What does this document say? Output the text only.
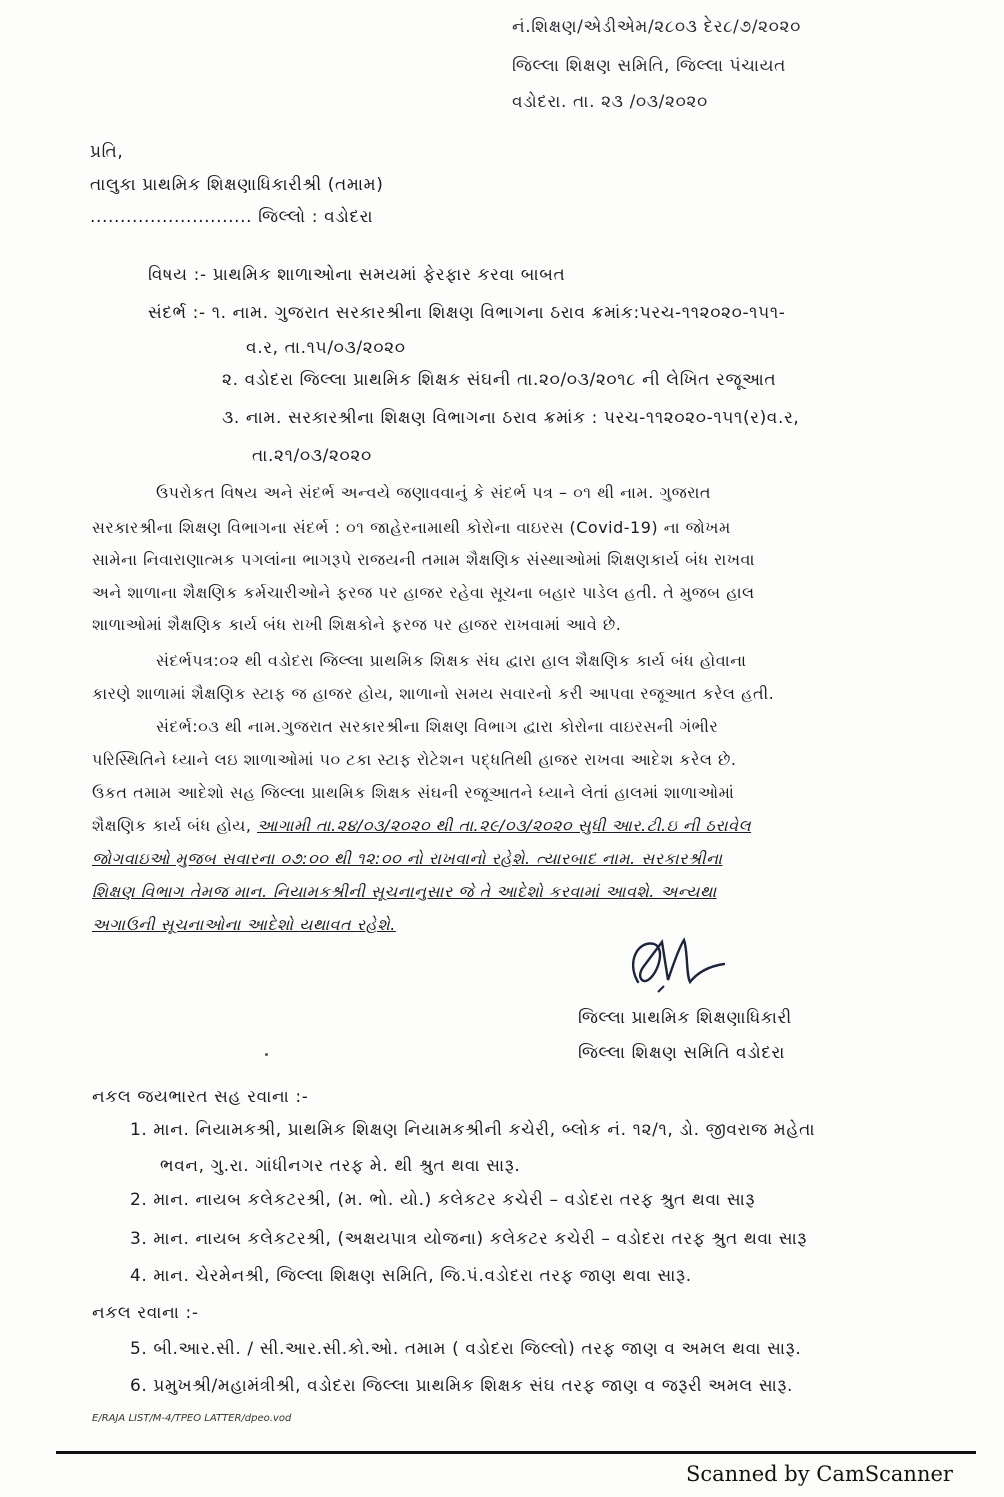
નં.શિક્ષણ/એડીએમ/૨૮૦૩ દેર૮/૭/૨૦૨૦
જિલ્લા શિક્ષણ સમિતિ, જિલ્લા પંચાયત
વડોદરા. તા. ૨૩ /૦૩/૨૦૨૦
પ્રતિ,
તાલુકા પ્રાથમિક શિક્ષણાધિકારીશ્રી (તમામ)
........................... જિલ્લો : વડોદરા
વિષય :- પ્રાથમિક શાળાઓના સમયમાં ફેરફાર કરવા બાબત
સંદર્ભ :- ૧. નામ. ગુજરાત સરકારશ્રીના શિક્ષણ વિભાગના ઠરાવ ક્રમાંક:પરચ-૧૧૨૦૨૦-૧૫૧-
વ.ર, તા.૧૫/૦૩/૨૦૨૦
૨. વડોદરા જિલ્લા પ્રાથમિક શિક્ષક સંઘની તા.૨૦/૦૩/૨૦૧૮ ની લેખિત રજૂઆત
૩. નામ. સરકારશ્રીના શિક્ષણ વિભાગના ઠરાવ ક્રમાંક : પરચ-૧૧૨૦૨૦-૧૫૧(ર)વ.ર,
તા.૨૧/૦૩/૨૦૨૦
ઉપરોકત વિષય અને સંદર્ભ અન્વયે જણાવવાનું કે સંદર્ભ પત્ર – ૦૧ થી નામ. ગુજરાત
સરકારશ્રીના શિક્ષણ વિભાગના સંદર્ભ : ૦૧ જાહેરનામાથી કોરોના વાઇરસ (Covid-19) ના જોખમ
સામેના નિવારાણાત્મક પગલાંના ભાગરૂપે રાજયની તમામ શૈક્ષણિક સંસ્થાઓમાં શિક્ષણકાર્ય બંધ રાખવા
અને શાળાના શૈક્ષણિક કર્મચારીઓને ફરજ પર હાજર રહેવા સૂચના બહાર પાડેલ હતી. તે મુજબ હાલ
શાળાઓમાં શૈક્ષણિક કાર્ય બંધ રાખી શિક્ષકોને ફરજ પર હાજર રાખવામાં આવે છે.
સંદર્ભપત્ર:૦૨ થી વડોદરા જિલ્લા પ્રાથમિક શિક્ષક સંઘ દ્વારા હાલ શૈક્ષણિક કાર્ય બંધ હોવાના
કારણે શાળામાં શૈક્ષણિક સ્ટાફ જ હાજર હોય, શાળાનો સમય સવારનો કરી આપવા રજૂઆત કરેલ હતી.
સંદર્ભ:૦૩ થી નામ.ગુજરાત સરકારશ્રીના શિક્ષણ વિભાગ દ્વારા કોરોના વાઇરસની ગંભીર
પરિસ્થિતિને ધ્યાને લઇ શાળાઓમાં ૫૦ ટકા સ્ટાફ રોટેશન પદ્ધતિથી હાજર રાખવા આદેશ કરેલ છે.
ઉકત તમામ આદેશો સહ જિલ્લા પ્રાથમિક શિક્ષક સંઘની રજૂઆતને ધ્યાને લેતાં હાલમાં શાળાઓમાં
શૈક્ષણિક કાર્ય બંધ હોય, આગામી તા.૨૪/૦૩/૨૦૨૦ થી તા.૨૯/૦૩/૨૦૨૦ સુધી આર.ટી.ઇ ની ઠરાવેલ
જોગવાઇઓ મુજબ સવારના ૦૭:૦૦ થી ૧૨:૦૦ નો રાખવાનો રહેશે. ત્યારબાદ નામ. સરકારશ્રીના
શિક્ષણ વિભાગ તેમજ માન. નિયામકશ્રીની સૂચનાનુસાર જે તે આદેશો કરવામાં આવશે. અન્યથા
અગાઉની સૂચનાઓના આદેશો યથાવત રહેશે.
જિલ્લા પ્રાથમિક શિક્ષણાધિકારી
જિલ્લા શિક્ષણ સમિતિ વડોદરા
નકલ જયભારત સહ રવાના :-
1. માન. નિયામકશ્રી, પ્રાથમિક શિક્ષણ નિયામકશ્રીની કચેરી, બ્લોક નં. ૧૨/૧, ડો. જીવરાજ મહેતા
ભવન, ગુ.રા. ગાંધીનગર તરફ મે. થી શ્રુત થવા સારૂ.
2. માન. નાયબ કલેકટરશ્રી, (મ. ભો. યો.) કલેકટર કચેરી – વડોદરા તરફ શ્રુત થવા સારૂ
3. માન. નાયબ કલેકટરશ્રી, (અક્ષયપાત્ર યોજના) કલેકટર કચેરી – વડોદરા તરફ શ્રુત થવા સારૂ
4. માન. ચેરમેનશ્રી, જિલ્લા શિક્ષણ સમિતિ, જિ.પં.વડોદરા તરફ જાણ થવા સારૂ.
નકલ રવાના :-
5. બી.આર.સી. / સી.આર.સી.કો.ઓ. તમામ ( વડોદરા જિલ્લો) તરફ જાણ વ અમલ થવા સારૂ.
6. પ્રમુખશ્રી/મહામંત્રીશ્રી, વડોદરા જિલ્લા પ્રાથમિક શિક્ષક સંઘ તરફ જાણ વ જરૂરી અમલ સારૂ.
E/RAJA LIST/M-4/TPEO LATTER/dpeo.vod
Scanned by CamScanner
